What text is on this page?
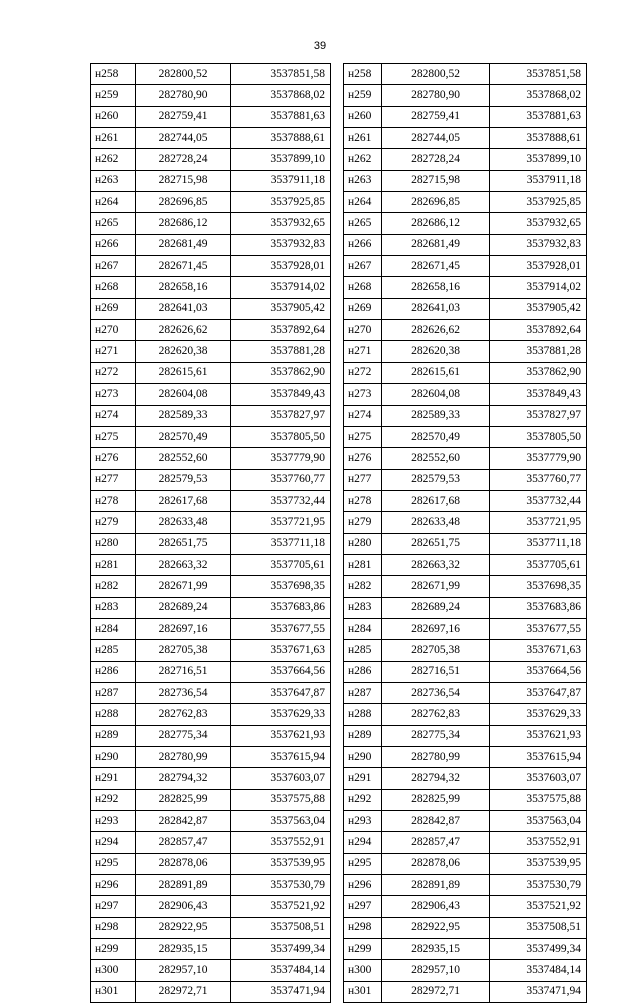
39
н258	282800,52	3537851,58
н259	282780,90	3537868,02
н260	282759,41	3537881,63
н261	282744,05	3537888,61
н262	282728,24	3537899,10
н263	282715,98	3537911,18
н264	282696,85	3537925,85
н265	282686,12	3537932,65
н266	282681,49	3537932,83
н267	282671,45	3537928,01
н268	282658,16	3537914,02
н269	282641,03	3537905,42
н270	282626,62	3537892,64
н271	282620,38	3537881,28
н272	282615,61	3537862,90
н273	282604,08	3537849,43
н274	282589,33	3537827,97
н275	282570,49	3537805,50
н276	282552,60	3537779,90
н277	282579,53	3537760,77
н278	282617,68	3537732,44
н279	282633,48	3537721,95
н280	282651,75	3537711,18
н281	282663,32	3537705,61
н282	282671,99	3537698,35
н283	282689,24	3537683,86
н284	282697,16	3537677,55
н285	282705,38	3537671,63
н286	282716,51	3537664,56
н287	282736,54	3537647,87
н288	282762,83	3537629,33
н289	282775,34	3537621,93
н290	282780,99	3537615,94
н291	282794,32	3537603,07
н292	282825,99	3537575,88
н293	282842,87	3537563,04
н294	282857,47	3537552,91
н295	282878,06	3537539,95
н296	282891,89	3537530,79
н297	282906,43	3537521,92
н298	282922,95	3537508,51
н299	282935,15	3537499,34
н300	282957,10	3537484,14
н301	282972,71	3537471,94
н258	282800,52	3537851,58
н259	282780,90	3537868,02
н260	282759,41	3537881,63
н261	282744,05	3537888,61
н262	282728,24	3537899,10
н263	282715,98	3537911,18
н264	282696,85	3537925,85
н265	282686,12	3537932,65
н266	282681,49	3537932,83
н267	282671,45	3537928,01
н268	282658,16	3537914,02
н269	282641,03	3537905,42
н270	282626,62	3537892,64
н271	282620,38	3537881,28
н272	282615,61	3537862,90
н273	282604,08	3537849,43
н274	282589,33	3537827,97
н275	282570,49	3537805,50
н276	282552,60	3537779,90
н277	282579,53	3537760,77
н278	282617,68	3537732,44
н279	282633,48	3537721,95
н280	282651,75	3537711,18
н281	282663,32	3537705,61
н282	282671,99	3537698,35
н283	282689,24	3537683,86
н284	282697,16	3537677,55
н285	282705,38	3537671,63
н286	282716,51	3537664,56
н287	282736,54	3537647,87
н288	282762,83	3537629,33
н289	282775,34	3537621,93
н290	282780,99	3537615,94
н291	282794,32	3537603,07
н292	282825,99	3537575,88
н293	282842,87	3537563,04
н294	282857,47	3537552,91
н295	282878,06	3537539,95
н296	282891,89	3537530,79
н297	282906,43	3537521,92
н298	282922,95	3537508,51
н299	282935,15	3537499,34
н300	282957,10	3537484,14
н301	282972,71	3537471,94
